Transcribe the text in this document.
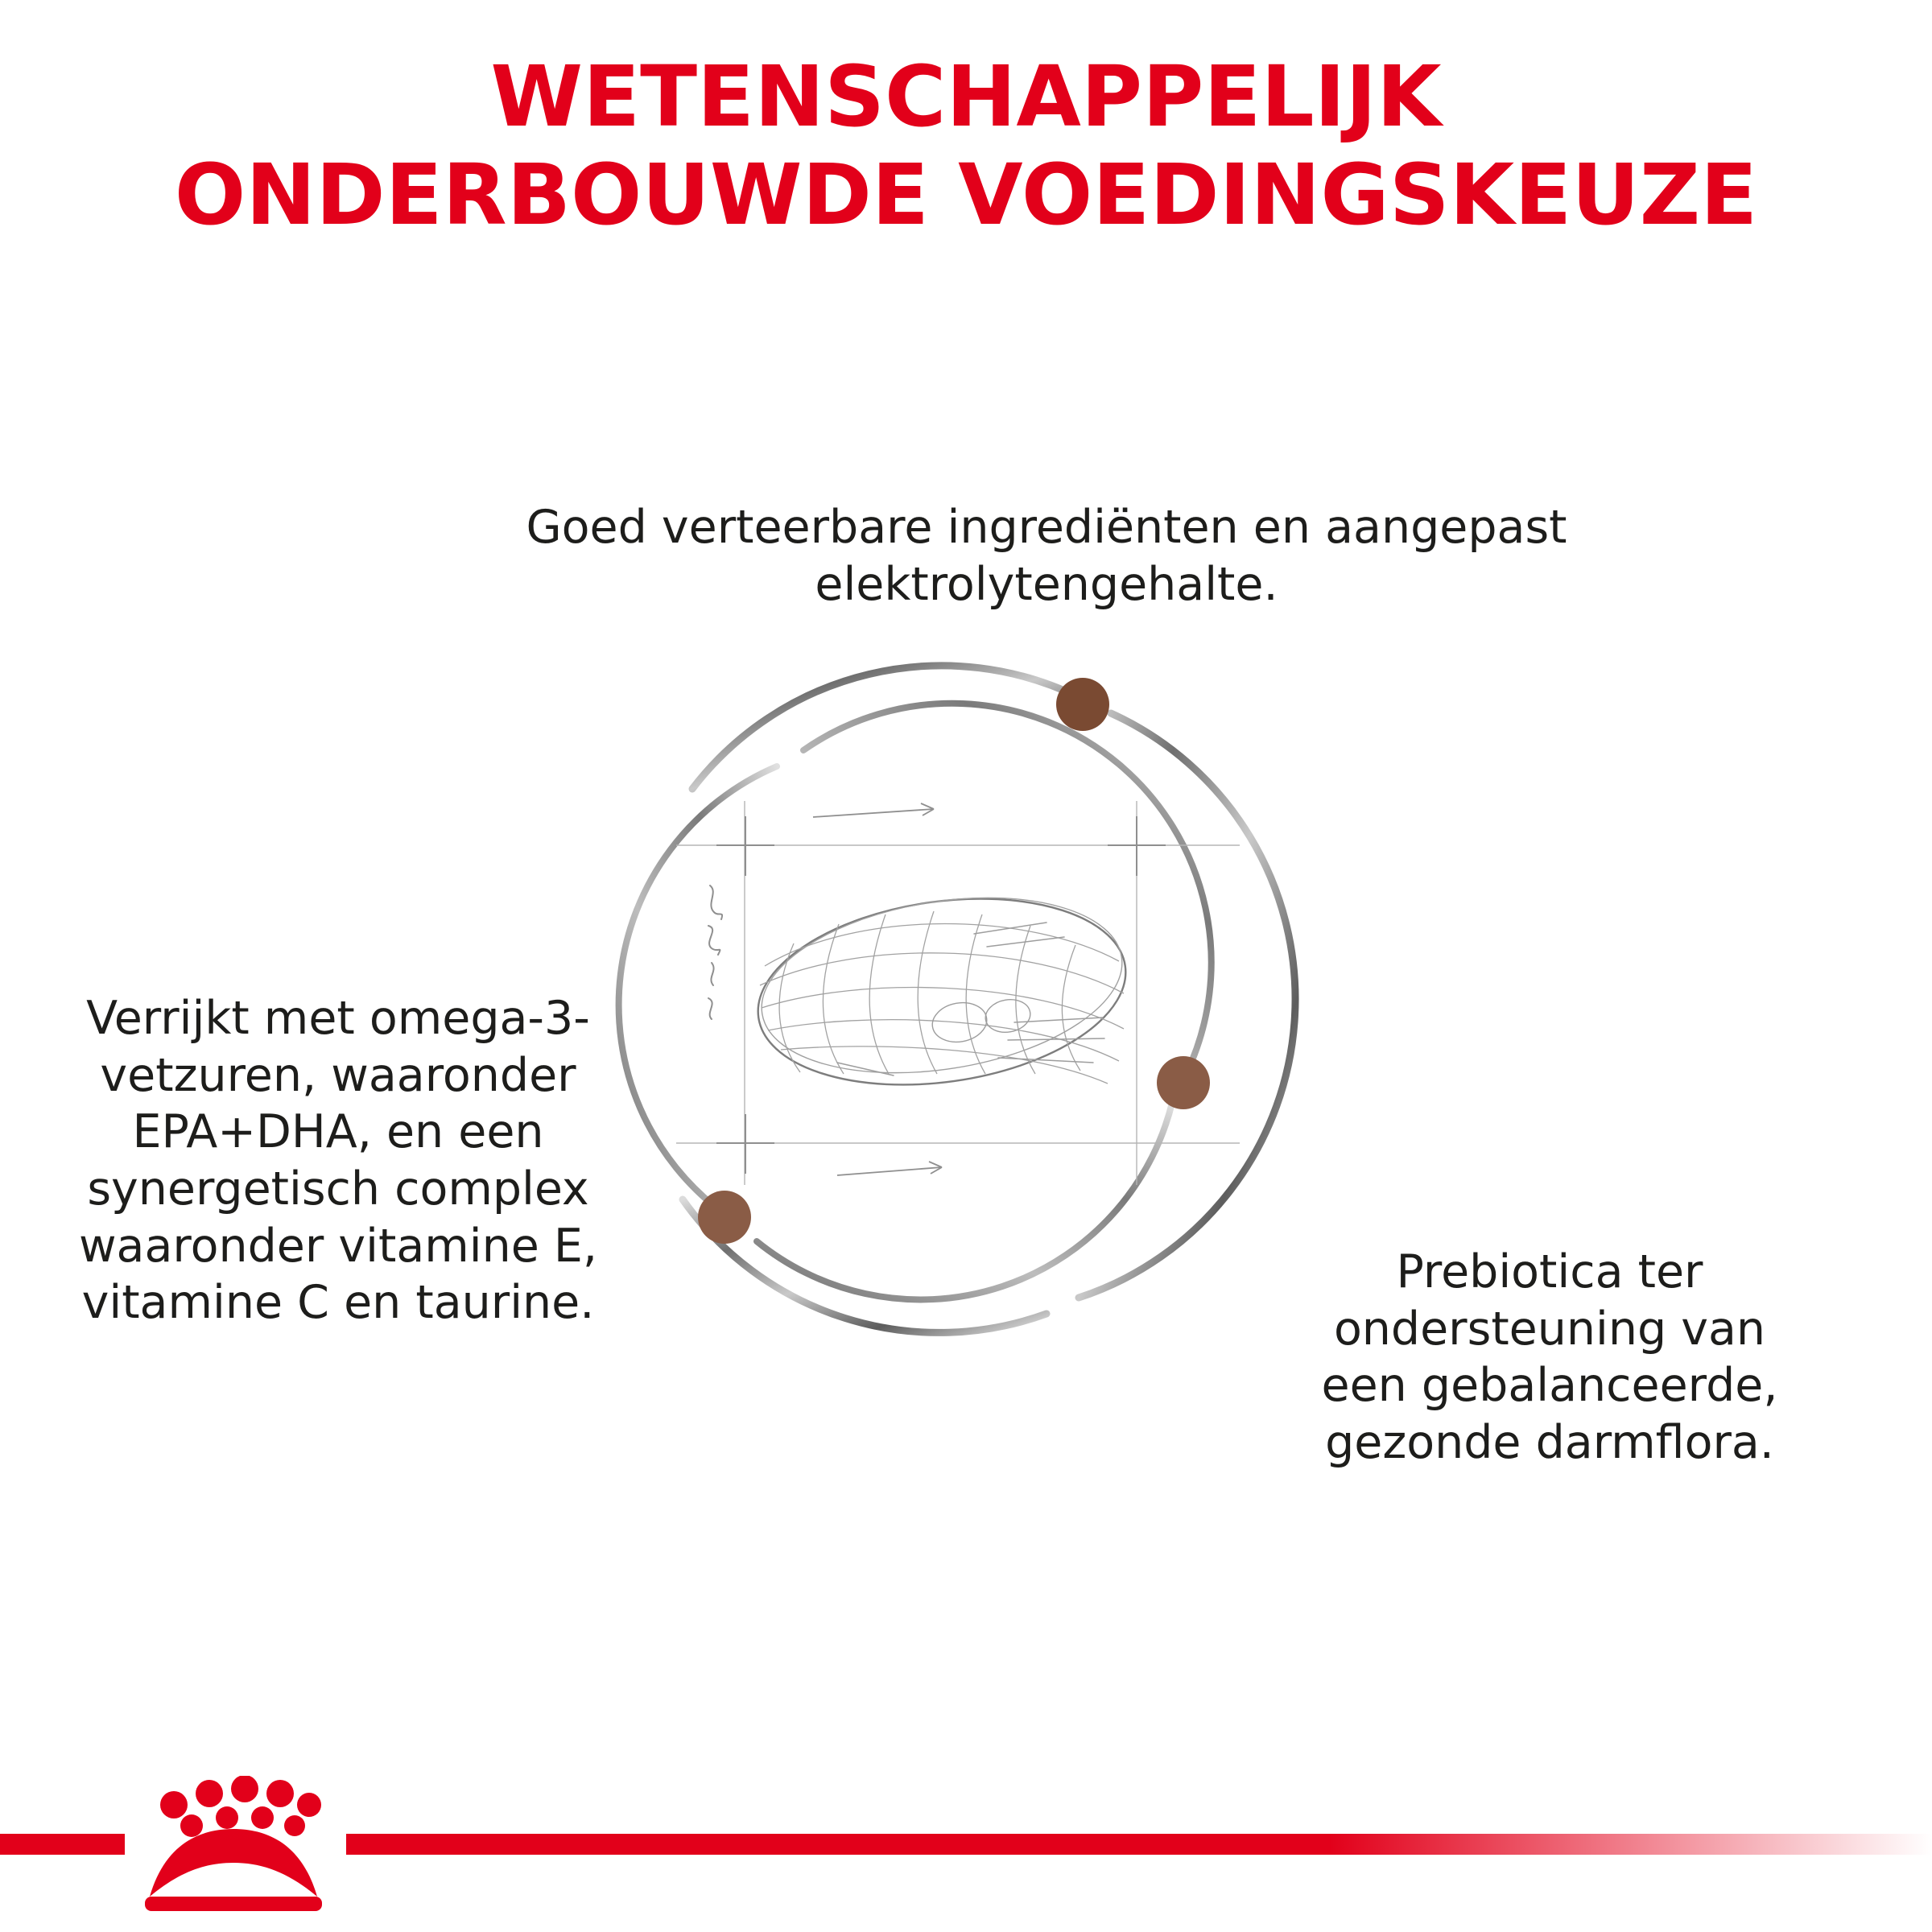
WETENSCHAPPELIJK
ONDERBOUWDE VOEDINGSKEUZE
Goed verteerbare ingrediënten en aangepast elektrolytengehalte.
Verrijkt met omega-3-vetzuren, waaronder EPA+DHA, en een synergetisch complex waaronder vitamine E, vitamine C en taurine.
Prebiotica ter ondersteuning van een gebalanceerde, gezonde darmflora.
